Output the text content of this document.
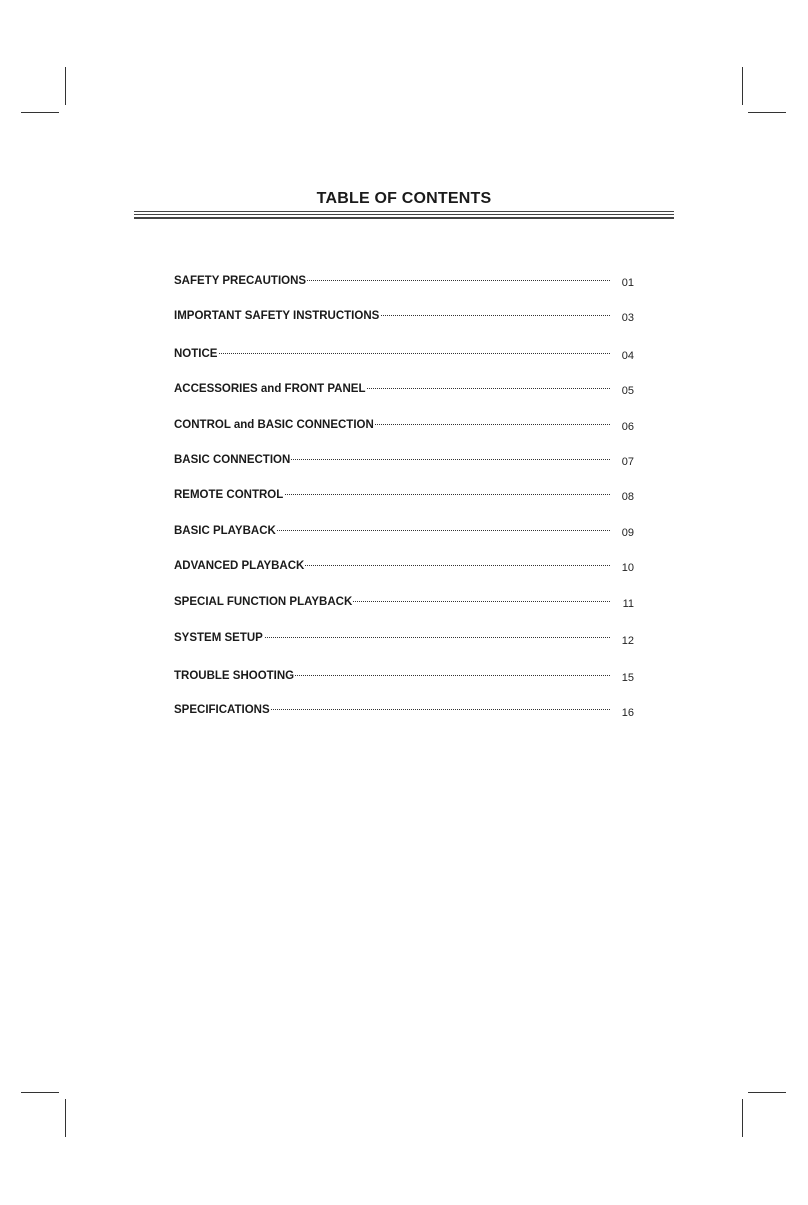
TABLE OF CONTENTS
SAFETY PRECAUTIONS	01
IMPORTANT SAFETY INSTRUCTIONS	03
NOTICE	04
ACCESSORIES and FRONT PANEL	05
CONTROL and BASIC CONNECTION	06
BASIC CONNECTION	07
REMOTE CONTROL	08
BASIC PLAYBACK	09
ADVANCED PLAYBACK	10
SPECIAL FUNCTION PLAYBACK	11
SYSTEM SETUP	12
TROUBLE SHOOTING	15
SPECIFICATIONS	16
